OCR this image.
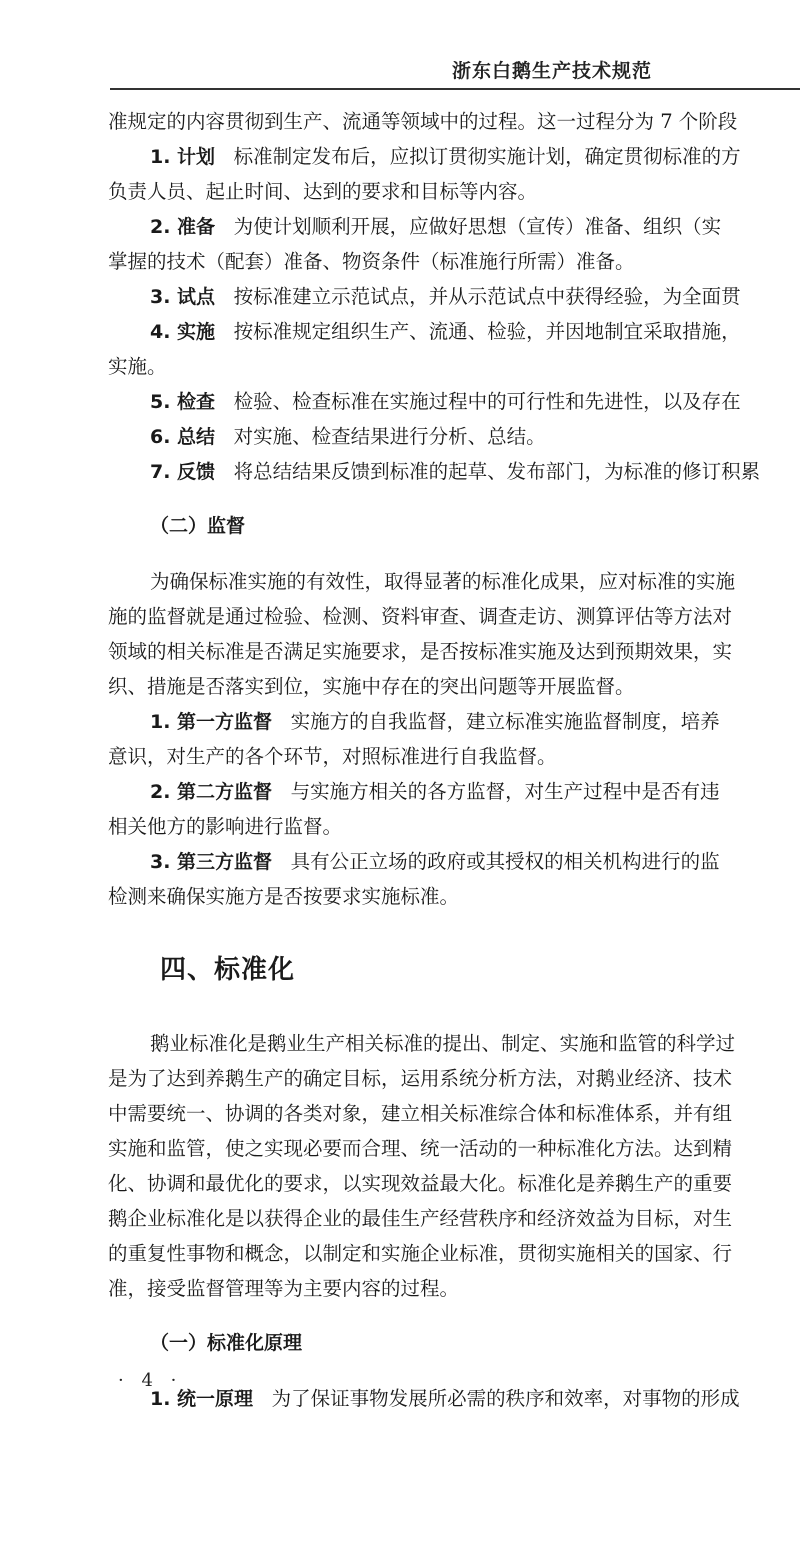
浙东白鹅生产技术规范
准规定的内容贯彻到生产、流通等领域中的过程。这一过程分为 7 个阶段
1. 计划 标准制定发布后，应拟订贯彻实施计划，确定贯彻标准的方
负责人员、起止时间、达到的要求和目标等内容。
2. 准备 为使计划顺利开展，应做好思想（宣传）准备、组织（实
掌握的技术（配套）准备、物资条件（标准施行所需）准备。
3. 试点 按标准建立示范试点，并从示范试点中获得经验，为全面贯
4. 实施 按标准规定组织生产、流通、检验，并因地制宜采取措施，
实施。
5. 检查 检验、检查标准在实施过程中的可行性和先进性，以及存在
6. 总结 对实施、检查结果进行分析、总结。
7. 反馈 将总结结果反馈到标准的起草、发布部门，为标准的修订积累
（二）监督
为确保标准实施的有效性，取得显著的标准化成果，应对标准的实施
施的监督就是通过检验、检测、资料审查、调查走访、测算评估等方法对
领域的相关标准是否满足实施要求，是否按标准实施及达到预期效果，实
织、措施是否落实到位，实施中存在的突出问题等开展监督。
1. 第一方监督 实施方的自我监督，建立标准实施监督制度，培养
意识，对生产的各个环节，对照标准进行自我监督。
2. 第二方监督 与实施方相关的各方监督，对生产过程中是否有违
相关他方的影响进行监督。
3. 第三方监督 具有公正立场的政府或其授权的相关机构进行的监
检测来确保实施方是否按要求实施标准。
四、标准化
鹅业标准化是鹅业生产相关标准的提出、制定、实施和监管的科学过
是为了达到养鹅生产的确定目标，运用系统分析方法，对鹅业经济、技术
中需要统一、协调的各类对象，建立相关标准综合体和标准体系，并有组
实施和监管，使之实现必要而合理、统一活动的一种标准化方法。达到精
化、协调和最优化的要求，以实现效益最大化。标准化是养鹅生产的重要
鹅企业标准化是以获得企业的最佳生产经营秩序和经济效益为目标，对生
的重复性事物和概念，以制定和实施企业标准，贯彻实施相关的国家、行
准，接受监督管理等为主要内容的过程。
（一）标准化原理
1. 统一原理 为了保证事物发展所必需的秩序和效率，对事物的形成
· 4 ·
